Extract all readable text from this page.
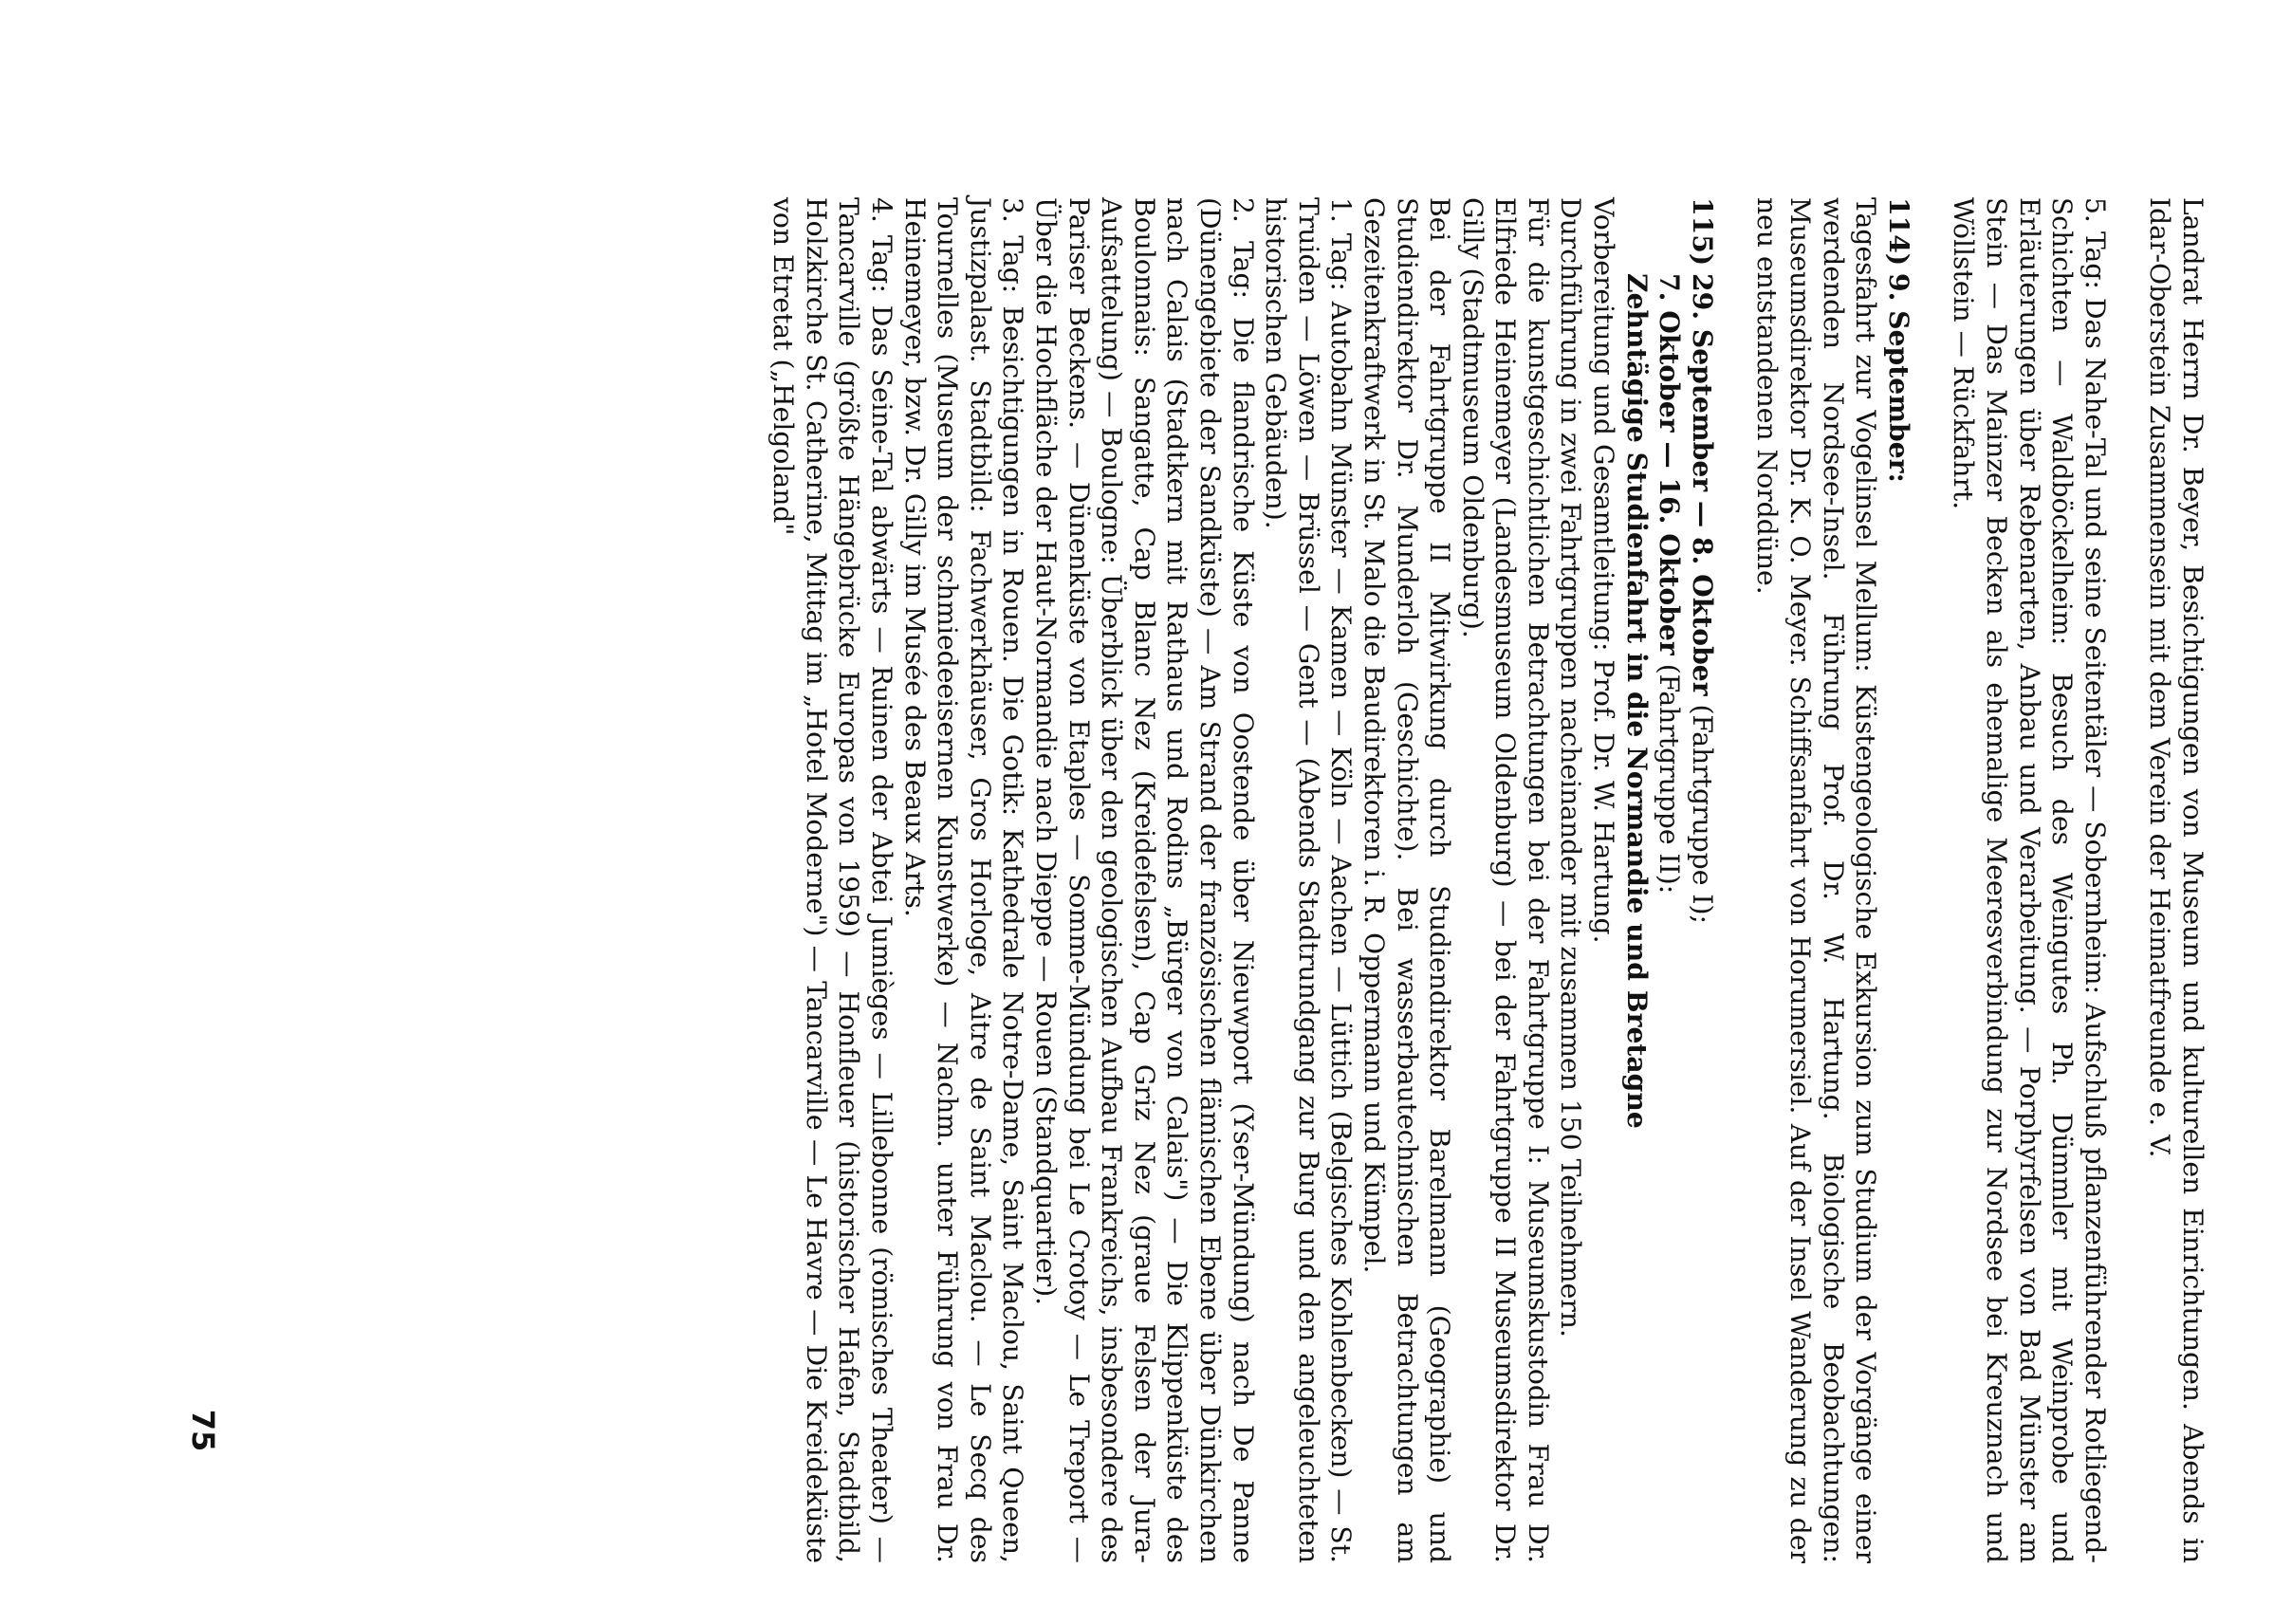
Landrat Herrn Dr. Beyer, Besichtigungen von Museum und kulturellen Einrichtungen. Abends in Idar-Oberstein Zusammensein mit dem Verein der Heimatfreunde e. V.

5. Tag: Das Nahe-Tal und seine Seitentäler — Sobernheim: Aufschluß pflanzenführender Rotliegend-Schichten — Waldböckelheim: Besuch des Weingutes Ph. Dümmler mit Weinprobe und Erläuterungen über Rebenarten, Anbau und Verarbeitung. — Porphyrfelsen von Bad Münster am Stein — Das Mainzer Becken als ehemalige Meeresverbindung zur Nordsee bei Kreuznach und Wöllstein — Rückfahrt.

114)9. September:

Tagesfahrt zur Vogelinsel Mellum: Küstengeologische Exkursion zum Studium der Vorgänge einer werdenden Nordsee-Insel. Führung Prof. Dr. W. Hartung. Biologische Beobachtungen: Museumsdirektor Dr. K. O. Meyer. Schiffsanfahrt von Horumersiel. Auf der Insel Wanderung zu der neu entstandenen Norddüne.

115)29. September — 8. Oktober (Fahrtgruppe I);

7. Oktober — 16. Oktober (Fahrtgruppe II):

Zehntägige Studienfahrt in die Normandie und Bretagne

Vorbereitung und Gesamtleitung: Prof. Dr. W. Hartung.

Durchführung in zwei Fahrtgruppen nacheinander mit zusammen 150 Teilnehmern.

Für die kunstgeschichtlichen Betrachtungen bei der Fahrtgruppe I: Museumskustodin Frau Dr. Elfriede Heinemeyer (Landesmuseum Oldenburg) — bei der Fahrtgruppe II Museumsdirektor Dr. Gilly (Stadtmuseum Oldenburg).

Bei der Fahrtgruppe II Mitwirkung durch Studiendirektor Barelmann (Geographie) und Studiendirektor Dr. Munderloh (Geschichte). Bei wasserbautechnischen Betrachtungen am Gezeitenkraftwerk in St. Malo die Baudirektoren i. R. Oppermann und Kümpel.

1. Tag: Autobahn Münster — Kamen — Köln — Aachen — Lüttich (Belgisches Kohlenbecken) — St. Truiden — Löwen — Brüssel — Gent — (Abends Stadtrundgang zur Burg und den angeleuchteten historischen Gebäuden).

2. Tag: Die flandrische Küste von Oostende über Nieuwport (Yser-Mündung) nach De Panne (Dünengebiete der Sandküste) — Am Strand der französischen flämischen Ebene über Dünkirchen nach Calais (Stadtkern mit Rathaus und Rodins „Bürger von Calais") — Die Klippenküste des Boulonnais: Sangatte, Cap Blanc Nez (Kreidefelsen), Cap Griz Nez (graue Felsen der Jura-Aufsattelung) — Boulogne: Überblick über den geologischen Aufbau Frankreichs, insbesondere des Pariser Beckens. — Dünenküste von Etaples — Somme-Mündung bei Le Crotoy — Le Treport — Über die Hochfläche der Haut-Normandie nach Dieppe — Rouen (Standquartier).

3. Tag: Besichtigungen in Rouen. Die Gotik: Kathedrale Notre-Dame, Saint Maclou, Saint Queen, Justizpalast. Stadtbild: Fachwerkhäuser, Gros Horloge, Aitre de Saint Maclou. — Le Secq des Tournelles (Museum der schmiedeeisernen Kunstwerke) — Nachm. unter Führung von Frau Dr. Heinemeyer, bzw. Dr. Gilly im Musée des Beaux Arts.

4. Tag: Das Seine-Tal abwärts — Ruinen der Abtei Jumièges — Lillebonne (römisches Theater) — Tancarville (größte Hängebrücke Europas von 1959) — Honfleuer (historischer Hafen, Stadtbild, Holzkirche St. Catherine, Mittag im „Hotel Moderne") — Tancarville — Le Havre — Die Kreideküste von Etretat („Helgoland"

75
